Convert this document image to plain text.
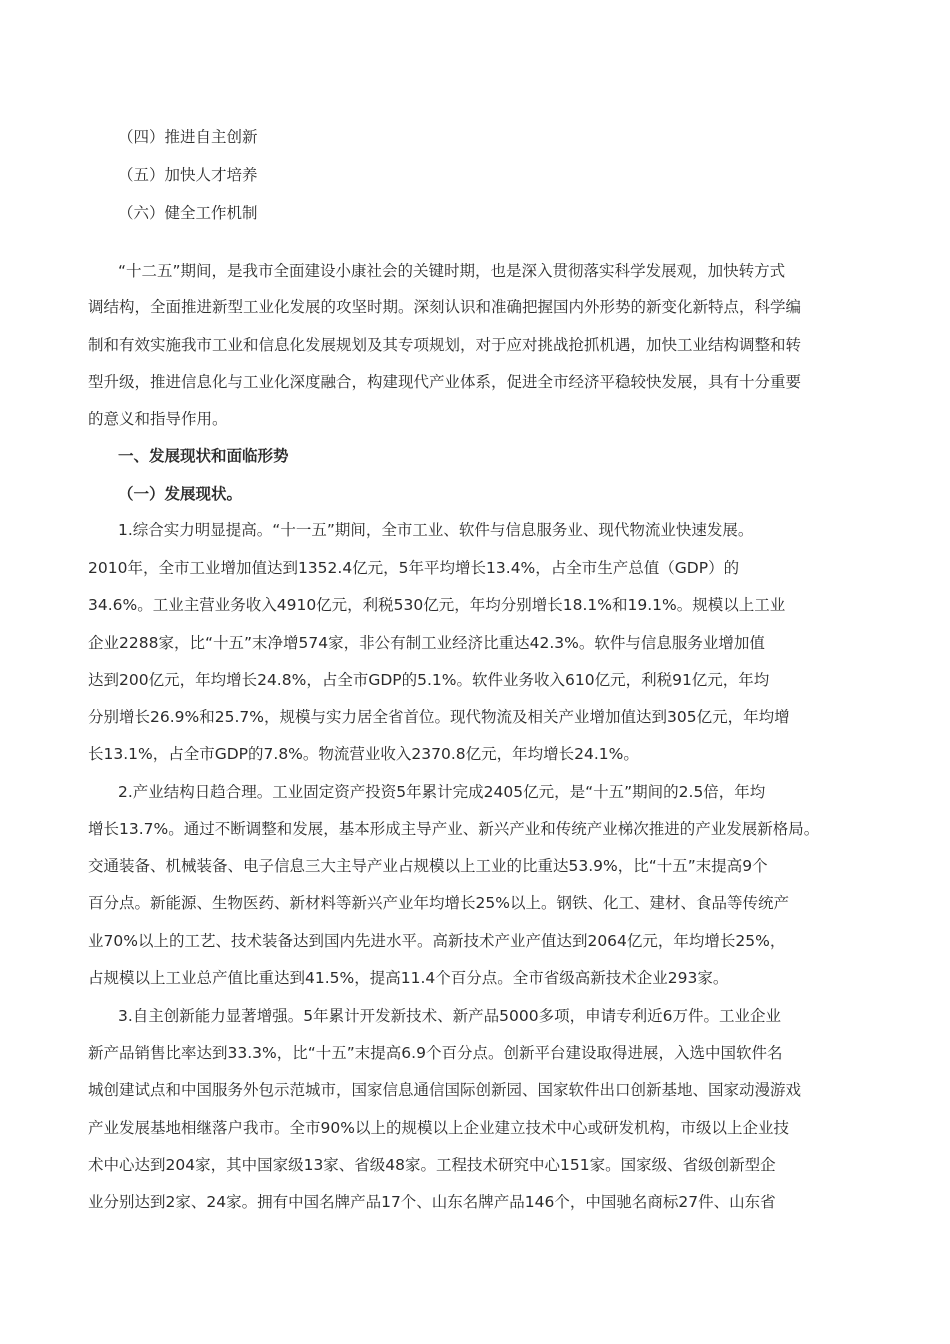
（四）推进自主创新
（五）加快人才培养
（六）健全工作机制
“十二五”期间，是我市全面建设小康社会的关键时期，也是深入贯彻落实科学发展观，加快转方式
调结构，全面推进新型工业化发展的攻坚时期。深刻认识和准确把握国内外形势的新变化新特点，科学编
制和有效实施我市工业和信息化发展规划及其专项规划，对于应对挑战抢抓机遇，加快工业结构调整和转
型升级，推进信息化与工业化深度融合，构建现代产业体系，促进全市经济平稳较快发展，具有十分重要
的意义和指导作用。
一、发展现状和面临形势
（一）发展现状。
1.综合实力明显提高。“十一五”期间，全市工业、软件与信息服务业、现代物流业快速发展。
2010年，全市工业增加值达到1352.4亿元，5年平均增长13.4%，占全市生产总值（GDP）的
34.6%。工业主营业务收入4910亿元，利税530亿元，年均分别增长18.1%和19.1%。规模以上工业
企业2288家，比“十五”末净增574家，非公有制工业经济比重达42.3%。软件与信息服务业增加值
达到200亿元，年均增长24.8%，占全市GDP的5.1%。软件业务收入610亿元，利税91亿元，年均
分别增长26.9%和25.7%，规模与实力居全省首位。现代物流及相关产业增加值达到305亿元，年均增
长13.1%，占全市GDP的7.8%。物流营业收入2370.8亿元，年均增长24.1%。
2.产业结构日趋合理。工业固定资产投资5年累计完成2405亿元，是“十五”期间的2.5倍，年均
增长13.7%。通过不断调整和发展，基本形成主导产业、新兴产业和传统产业梯次推进的产业发展新格局。
交通装备、机械装备、电子信息三大主导产业占规模以上工业的比重达53.9%，比“十五”末提高9个
百分点。新能源、生物医药、新材料等新兴产业年均增长25%以上。钢铁、化工、建材、食品等传统产
业70%以上的工艺、技术装备达到国内先进水平。高新技术产业产值达到2064亿元，年均增长25%，
占规模以上工业总产值比重达到41.5%，提高11.4个百分点。全市省级高新技术企业293家。
3.自主创新能力显著增强。5年累计开发新技术、新产品5000多项，申请专利近6万件。工业企业
新产品销售比率达到33.3%，比“十五”末提高6.9个百分点。创新平台建设取得进展，入选中国软件名
城创建试点和中国服务外包示范城市，国家信息通信国际创新园、国家软件出口创新基地、国家动漫游戏
产业发展基地相继落户我市。全市90%以上的规模以上企业建立技术中心或研发机构，市级以上企业技
术中心达到204家，其中国家级13家、省级48家。工程技术研究中心151家。国家级、省级创新型企
业分别达到2家、24家。拥有中国名牌产品17个、山东名牌产品146个，中国驰名商标27件、山东省
